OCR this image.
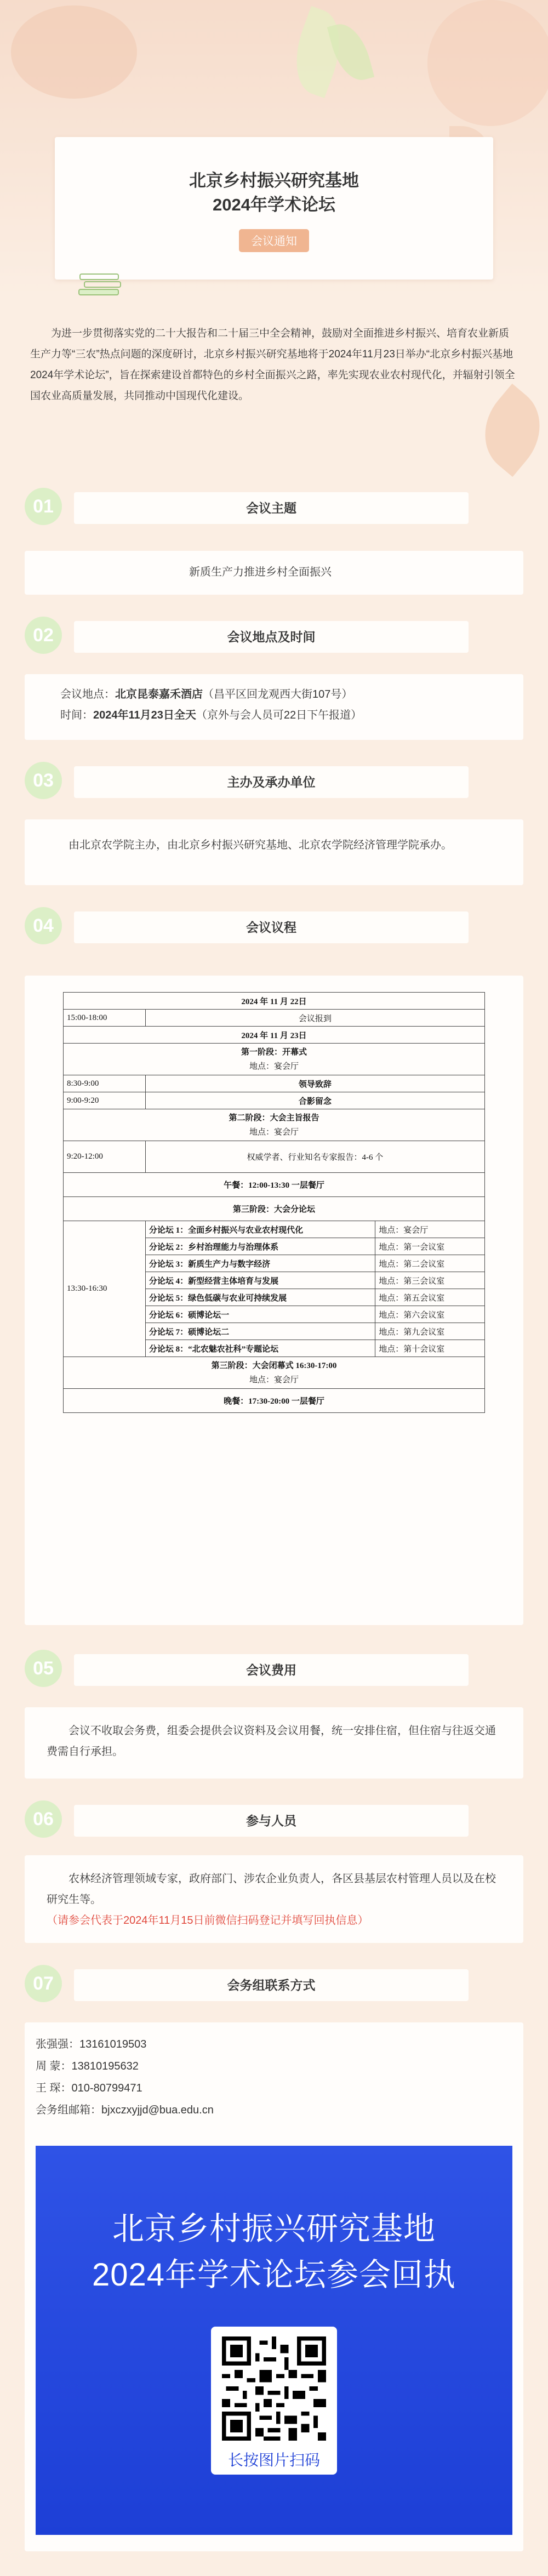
北京乡村振兴研究基地
2024年学术论坛
会议通知

为进一步贯彻落实党的二十大报告和二十届三中全会精神，鼓励对全面推进乡村振兴、培育农业新质生产力等“三农”热点问题的深度研讨，北京乡村振兴研究基地将于2024年11月23日举办“北京乡村振兴基地2024年学术论坛”，旨在探索建设首都特色的乡村全面振兴之路，率先实现农业农村现代化，并辐射引领全国农业高质量发展，共同推动中国现代化建设。

01	会议主题
新质生产力推进乡村全面振兴
02	会议地点及时间

会议地点：北京昆泰嘉禾酒店（昌平区回龙观西大街107号）

时间：2024年11月23日全天（京外与会人员可22日下午报道）

03	主办及承办单位

由北京农学院主办，由北京乡村振兴研究基地、北京农学院经济管理学院承办。

04	会议议程
2024 年 11 月 22日		
15:00-18:00	会议报到	
2024 年 11 月 23日		
第一阶段：开幕式
地点：宴会厅		
8:30-9:00	领导致辞	
9:00-9:20	合影留念	
第二阶段：大会主旨报告
地点：宴会厅		
9:20-12:00	权威学者、行业知名专家报告：4-6 个	
午餐：12:00-13:30 一层餐厅		
第三阶段：大会分论坛		
13:30-16:30	分论坛 1：全面乡村振兴与农业农村现代化	地点：宴会厅
	分论坛 2：乡村治理能力与治理体系	地点：第一会议室
	分论坛 3：新质生产力与数字经济	地点：第二会议室
	分论坛 4：新型经营主体培育与发展	地点：第三会议室
	分论坛 5：绿色低碳与农业可持续发展	地点：第五会议室
	分论坛 6：硕博论坛一	地点：第六会议室
	分论坛 7：硕博论坛二	地点：第九会议室
	分论坛 8：“北农魅农社科”专题论坛	地点：第十会议室
第三阶段：大会闭幕式 16:30-17:00
地点：宴会厅		
晚餐：17:30-20:00 一层餐厅		
05	会议费用

会议不收取会务费，组委会提供会议资料及会议用餐，统一安排住宿，但住宿与往返交通费需自行承担。

06	参与人员

农林经济管理领域专家，政府部门、涉农企业负责人，各区县基层农村管理人员以及在校研究生等。

（请参会代表于2024年11月15日前微信扫码登记并填写回执信息）

07	会务组联系方式

张强强：13161019503

周 蒙：13810195632

王 琛：010-80799471

会务组邮箱：bjxczxyjjd@bua.edu.cn

北京乡村振兴研究基地
2024年学术论坛参会回执
长按图片扫码
